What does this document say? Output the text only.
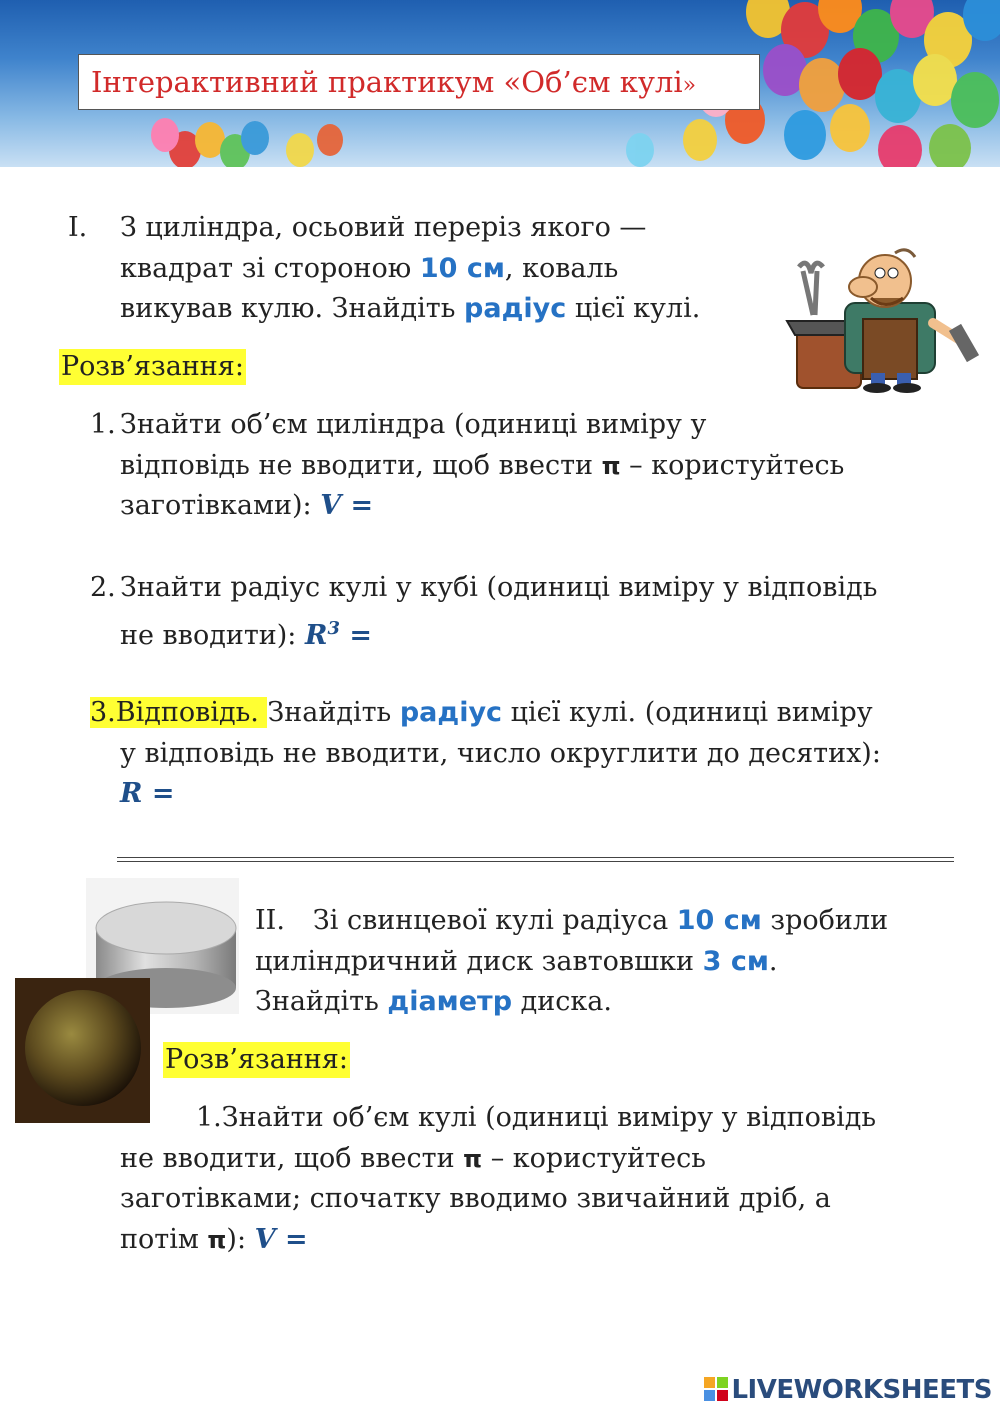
Інтерактивний практикум «Об’єм кулі»
I. З циліндра, осьовий переріз якого —
квадрат зі стороною 10 см, коваль
викував кулю. Знайдіть радіус цієї кулі.
Розв’язання:
1. Знайти об’єм циліндра (одиниці виміру у
відповідь не вводити, щоб ввести π – користуйтесь
заготівками): V =
2. Знайти радіус кулі у кубі (одиниці виміру у відповідь
не вводити): $R^3$ =
3.Відповідь. Знайдіть радіус цієї кулі. (одиниці виміру
у відповідь не вводити, число округлити до десятих):
R =
II. Зі свинцевої кулі радіуса 10 см зробили
циліндричний диск завтовшки 3 см.
Знайдіть діаметр диска.
Розв’язання:
1.Знайти об’єм кулі (одиниці виміру у відповідь
не вводити, щоб ввести π – користуйтесь
заготівками; спочатку вводимо звичайний дріб, а
потім π): V =
LIVEWORKSHEETS
